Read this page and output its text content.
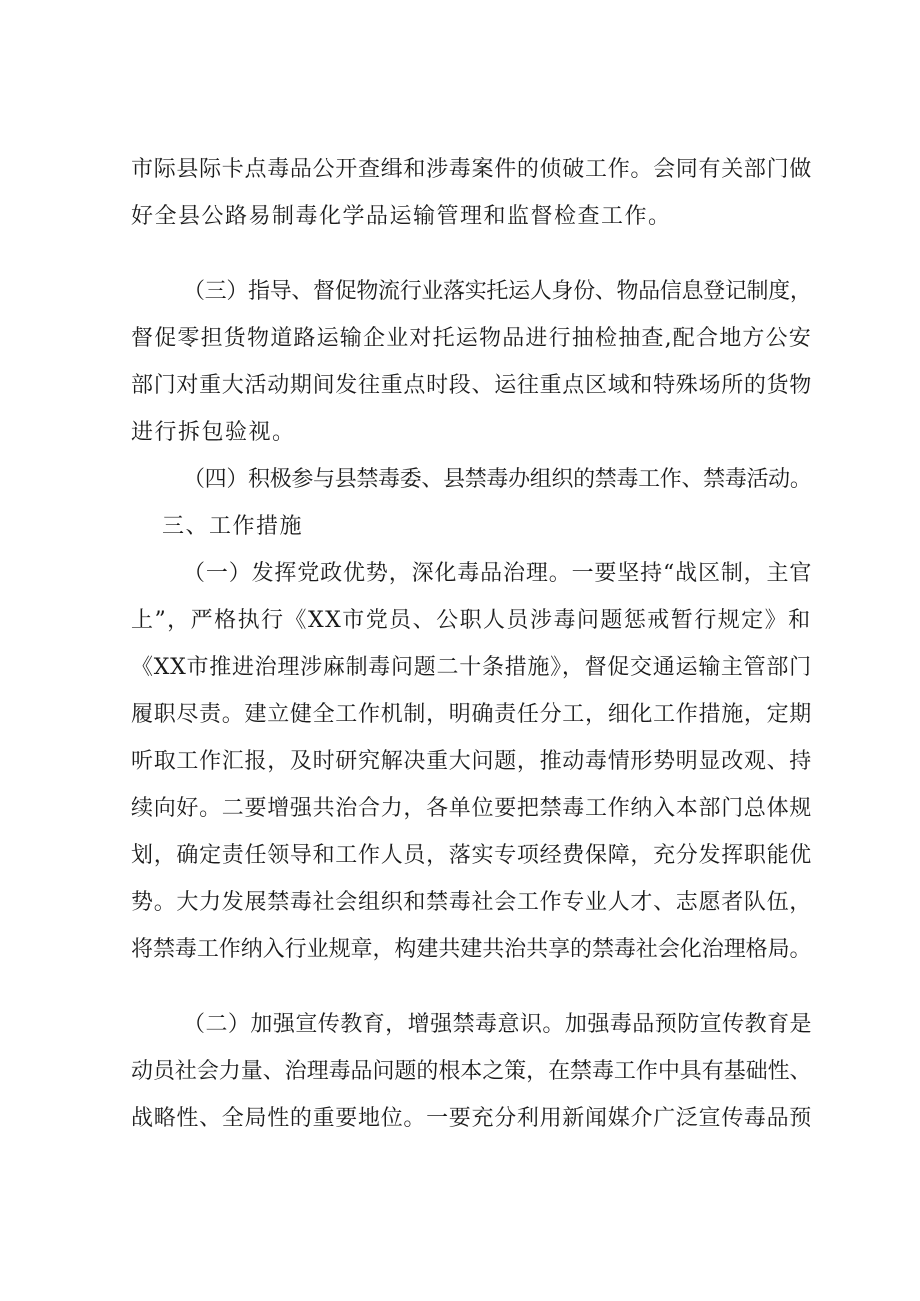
市际县际卡点毒品公开查缉和涉毒案件的侦破工作。会同有关部门做
好全县公路易制毒化学品运输管理和监督检查工作。
（三）指导、督促物流行业落实托运人身份、物品信息登记制度，
督促零担货物道路运输企业对托运物品进行抽检抽查,配合地方公安
部门对重大活动期间发往重点时段、运往重点区域和特殊场所的货物
进行拆包验视。
（四）积极参与县禁毒委、县禁毒办组织的禁毒工作、禁毒活动。
三、工作措施
（一）发挥党政优势，深化毒品治理。一要坚持“战区制，主官
上”，严格执行《XX市党员、公职人员涉毒问题惩戒暂行规定》和
《XX市推进治理涉麻制毒问题二十条措施》，督促交通运输主管部门
履职尽责。建立健全工作机制，明确责任分工，细化工作措施，定期
听取工作汇报，及时研究解决重大问题，推动毒情形势明显改观、持
续向好。二要增强共治合力，各单位要把禁毒工作纳入本部门总体规
划，确定责任领导和工作人员，落实专项经费保障，充分发挥职能优
势。大力发展禁毒社会组织和禁毒社会工作专业人才、志愿者队伍，
将禁毒工作纳入行业规章，构建共建共治共享的禁毒社会化治理格局。
（二）加强宣传教育，增强禁毒意识。加强毒品预防宣传教育是
动员社会力量、治理毒品问题的根本之策，在禁毒工作中具有基础性、
战略性、全局性的重要地位。一要充分利用新闻媒介广泛宣传毒品预
